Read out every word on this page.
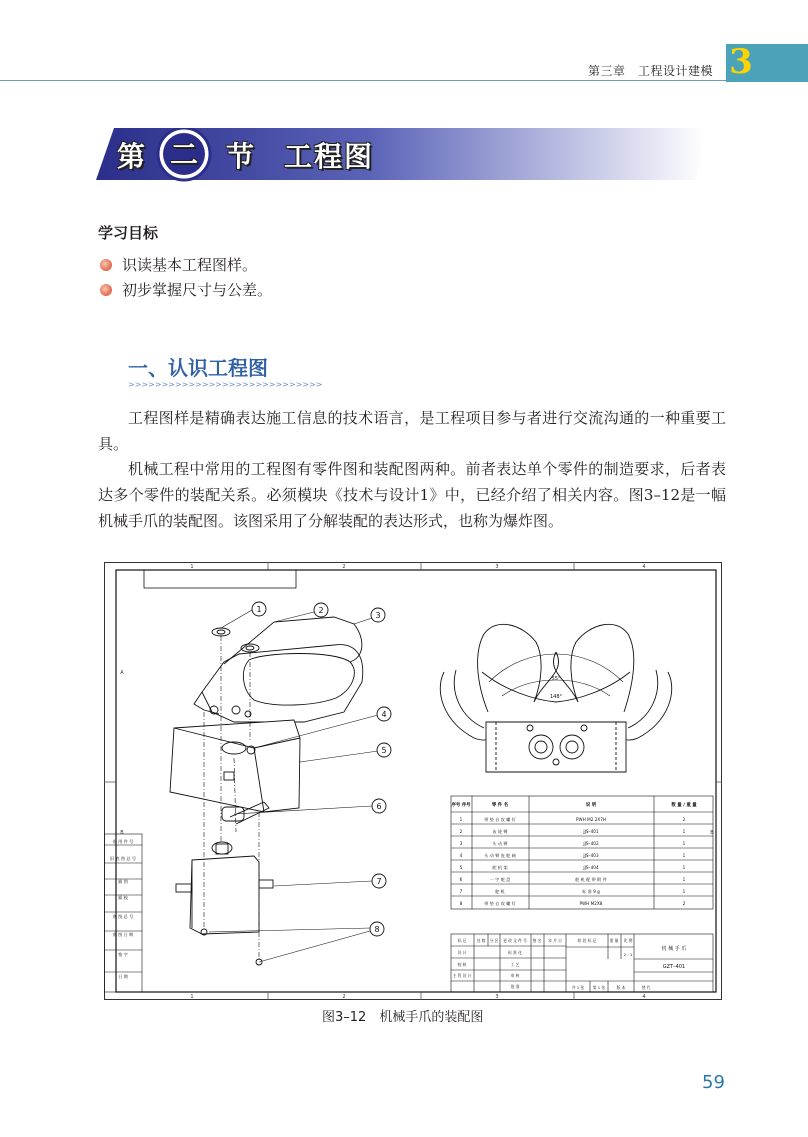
第三章　工程设计建模 3
第 二 节 工程图
学习目标
识读基本工程图样。
初步掌握尺寸与公差。
一、认识工程图
>>>>>>>>>>>>>>>>>>>>>>>>>>>>>
工程图样是精确表达施工信息的技术语言，是工程项目参与者进行交流沟通的一种重要工具。
机械工程中常用的工程图有零件图和装配图两种。前者表达单个零件的制造要求，后者表达多个零件的装配关系。必须模块《技术与设计1》中，已经介绍了相关内容。图3–12是一幅机械手爪的装配图。该图采用了分解装配的表达形式，也称为爆炸图。
1	2	3	4
1	2	3	4
A
B	B
借 用 件 号
旧 底 图 总 号
描 图
描 校
底 图 总 号
底 图 日 期
签 字
日 期
1	2
3
4
5
6
7
8
55°
148°
序号 序号	零 件 名	说 明	数 量 / 重 量
1	带 垫 自 攻 螺 钉	PWH M2.2X7H	2
2	齿 轮 臂	JJS–401	1
3	头 动 臂	JJS–402	1
4	头 动 臂 连 舵 轴	JJS–403	1
5	舵 机 架	JJS–404	1
6	一 字 舵 盘	舵 机 配 带 附 件	1
7	舵 机	标 准 9 g	1
8	带 垫 自 攻 螺 钉	PWH M2X8	2
标 记	处 数 分 区 更 改 文 件 号 签 名 年 月 日
设 计	标 准 化
校 核	工 艺
主 管 设 计	审 核
批 准
阶 段 标 记	重 量 比 例
共 1 张 第 1 张	版 本	替 代
2 : 1
机 械 手 爪
GZT–401
图3–12　机械手爪的装配图
59
